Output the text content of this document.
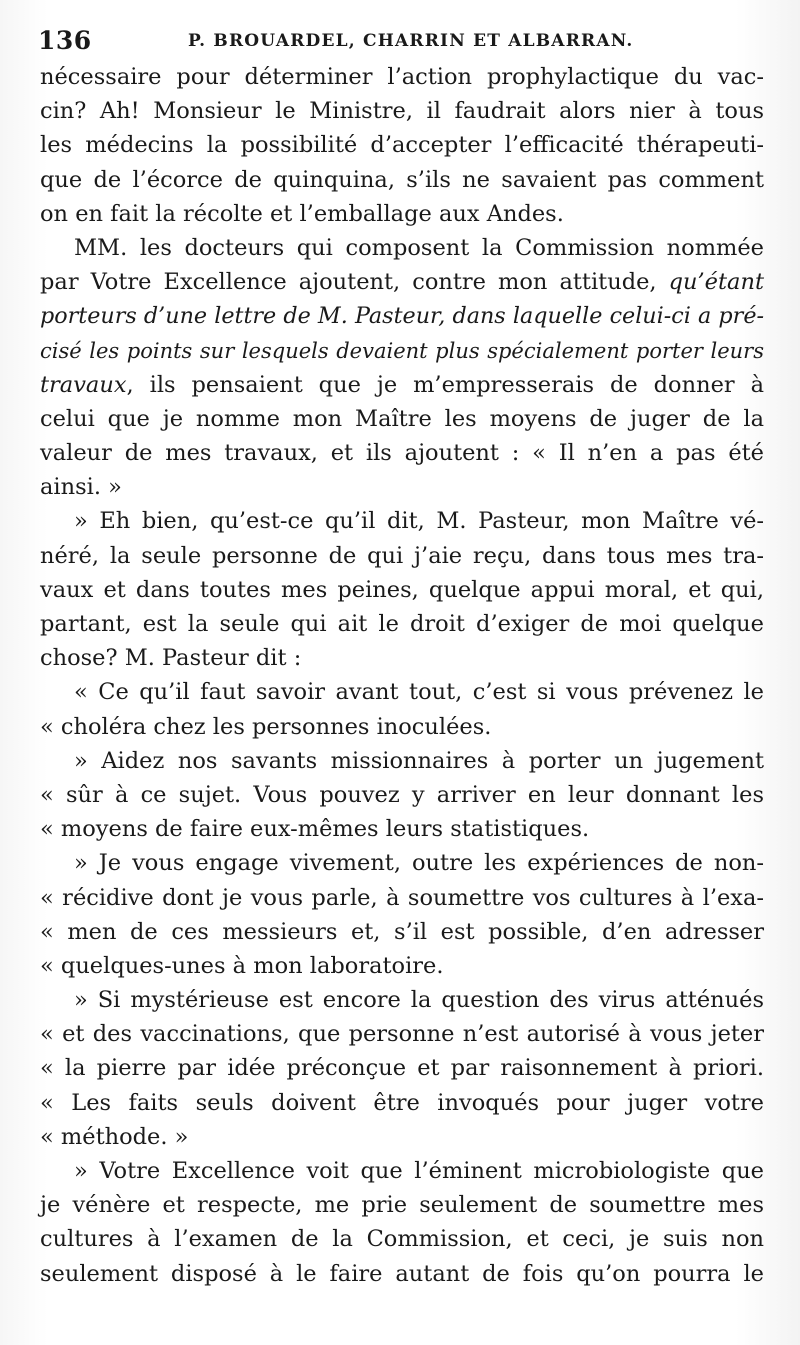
136	P. BROUARDEL, CHARRIN ET ALBARRAN.
nécessaire pour déterminer l’action prophylactique du vac-
cin? Ah! Monsieur le Ministre, il faudrait alors nier à tous
les médecins la possibilité d’accepter l’efficacité thérapeuti-
que de l’écorce de quinquina, s’ils ne savaient pas comment
on en fait la récolte et l’emballage aux Andes.
MM. les docteurs qui composent la Commission nommée
par Votre Excellence ajoutent, contre mon attitude, qu’étant
porteurs d’une lettre de M. Pasteur, dans laquelle celui-ci a pré-
cisé les points sur lesquels devaient plus spécialement porter leurs
travaux, ils pensaient que je m’empresserais de donner à
celui que je nomme mon Maître les moyens de juger de la
valeur de mes travaux, et ils ajoutent : « Il n’en a pas été
ainsi. »
» Eh bien, qu’est-ce qu’il dit, M. Pasteur, mon Maître vé-
néré, la seule personne de qui j’aie reçu, dans tous mes tra-
vaux et dans toutes mes peines, quelque appui moral, et qui,
partant, est la seule qui ait le droit d’exiger de moi quelque
chose? M. Pasteur dit :
« Ce qu’il faut savoir avant tout, c’est si vous prévenez le
« choléra chez les personnes inoculées.
» Aidez nos savants missionnaires à porter un jugement
« sûr à ce sujet. Vous pouvez y arriver en leur donnant les
« moyens de faire eux-mêmes leurs statistiques.
» Je vous engage vivement, outre les expériences de non-
« récidive dont je vous parle, à soumettre vos cultures à l’exa-
« men de ces messieurs et, s’il est possible, d’en adresser
« quelques-unes à mon laboratoire.
» Si mystérieuse est encore la question des virus atténués
« et des vaccinations, que personne n’est autorisé à vous jeter
« la pierre par idée préconçue et par raisonnement à priori.
« Les faits seuls doivent être invoqués pour juger votre
« méthode. »
» Votre Excellence voit que l’éminent microbiologiste que
je vénère et respecte, me prie seulement de soumettre mes
cultures à l’examen de la Commission, et ceci, je suis non
seulement disposé à le faire autant de fois qu’on pourra le
